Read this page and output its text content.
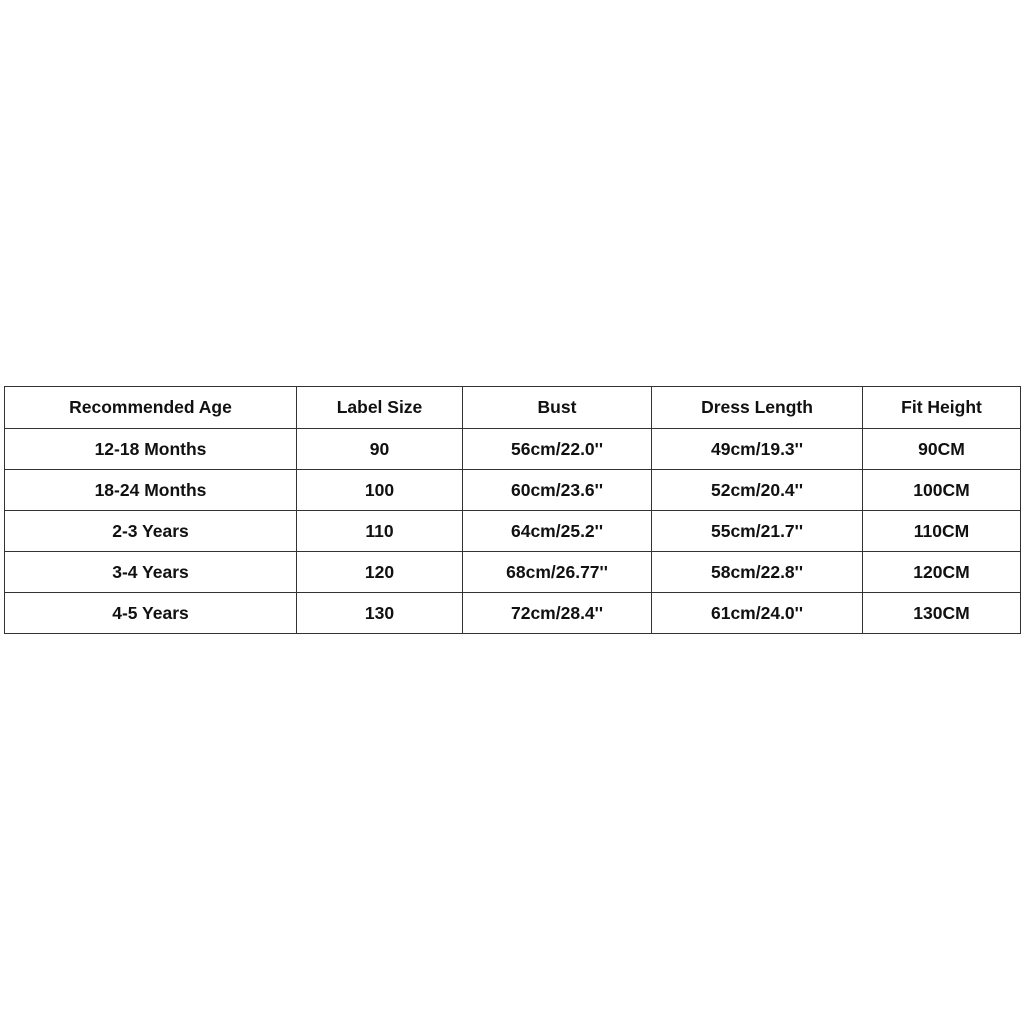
Recommended Age	Label Size	Bust	Dress Length	Fit Height
12-18 Months	90	56cm/22.0''	49cm/19.3''	90CM
18-24 Months	100	60cm/23.6''	52cm/20.4''	100CM
2-3 Years	110	64cm/25.2''	55cm/21.7''	110CM
3-4 Years	120	68cm/26.77''	58cm/22.8''	120CM
4-5 Years	130	72cm/28.4''	61cm/24.0''	130CM
